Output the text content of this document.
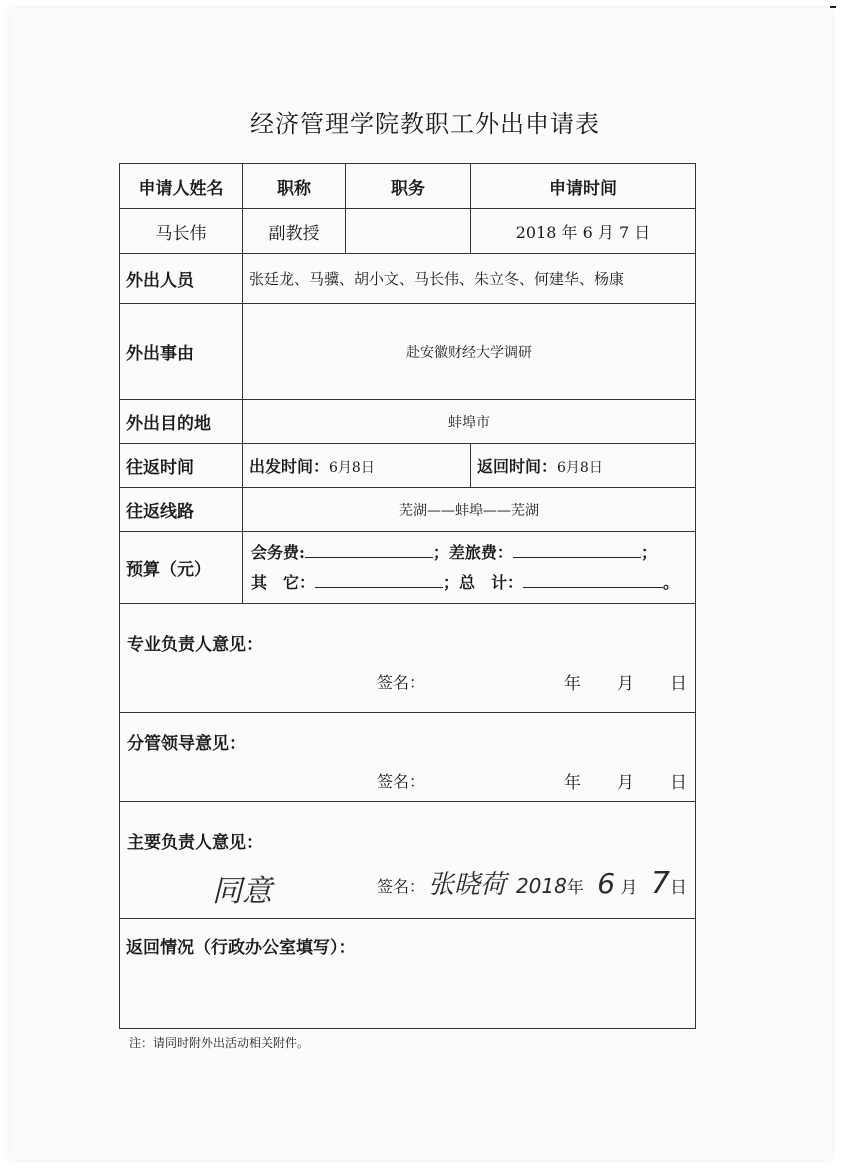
经济管理学院教职工外出申请表
申请人姓名	职称	职务	申请时间
马长伟	副教授		2018 年 6 月 7 日
外出人员	张廷龙、马骥、胡小文、马长伟、朱立冬、何建华、杨康		
外出事由	赴安徽财经大学调研		
外出目的地	蚌埠市		
往返时间	出发时间：6月8日		返回时间：6月8日
往返线路	芜湖——蚌埠——芜湖		
预算（元）	会务费: ；差旅费： ；
其　它： ；总　计： 。		

专业负责人意见：
签名： 年 月 日			

分管领导意见：
签名： 年 月 日			

主要负责人意见：
同意 签名： 张晓荷 2018年 6 月 7日			

返回情况（行政办公室填写）：			
注：请同时附外出活动相关附件。
